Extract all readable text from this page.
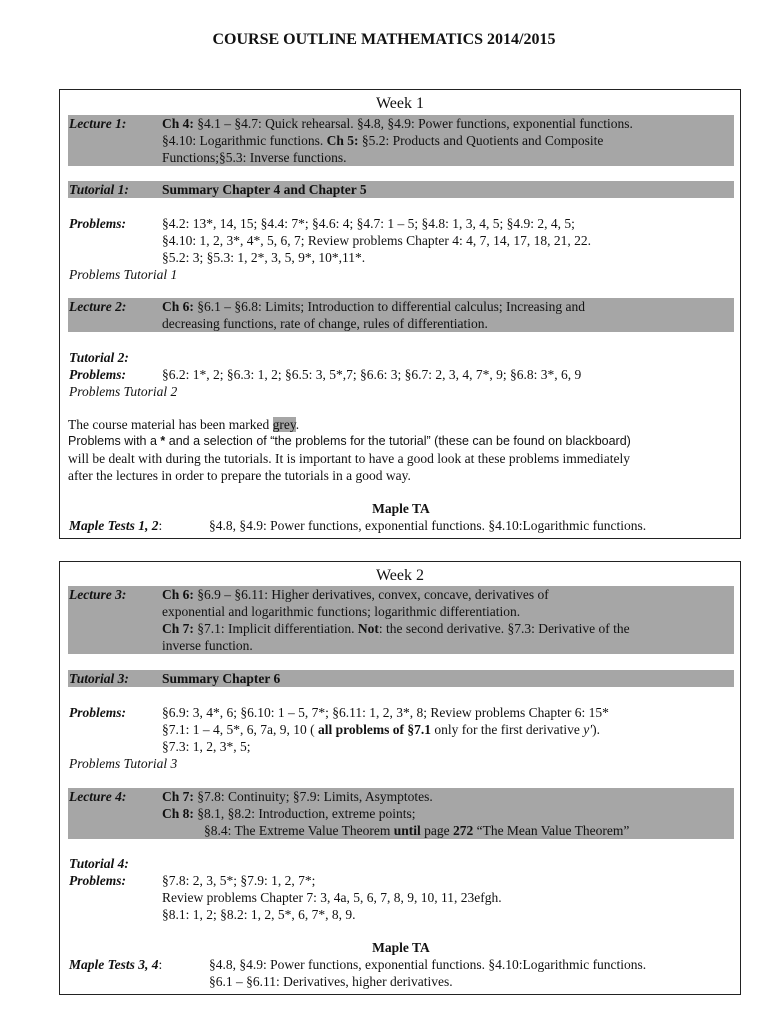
COURSE OUTLINE MATHEMATICS 2014/2015
Week 1
Lecture 1:	Ch 4: §4.1 – §4.7: Quick rehearsal. §4.8, §4.9: Power functions, exponential functions.
§4.10: Logarithmic functions. Ch 5: §5.2: Products and Quotients and Composite
Functions;§5.3: Inverse functions.
Tutorial 1: Summary Chapter 4 and Chapter 5
Problems:	§4.2: 13*, 14, 15; §4.4: 7*; §4.6: 4; §4.7: 1 – 5; §4.8: 1, 3, 4, 5; §4.9: 2, 4, 5;
§4.10: 1, 2, 3*, 4*, 5, 6, 7; Review problems Chapter 4: 4, 7, 14, 17, 18, 21, 22.
§5.2: 3; §5.3: 1, 2*, 3, 5, 9*, 10*,11*.
Problems Tutorial 1
Lecture 2:	Ch 6: §6.1 – §6.8: Limits; Introduction to differential calculus; Increasing and
decreasing functions, rate of change, rules of differentiation.
Tutorial 2:
Problems:	§6.2: 1*, 2; §6.3: 1, 2; §6.5: 3, 5*,7; §6.6: 3; §6.7: 2, 3, 4, 7*, 9; §6.8: 3*, 6, 9
Problems Tutorial 2
The course material has been marked grey.
Problems with a * and a selection of “the problems for the tutorial” (these can be found on blackboard)
will be dealt with during the tutorials. It is important to have a good look at these problems immediately
after the lectures in order to prepare the tutorials in a good way.
Maple TA
Maple Tests 1, 2:	§4.8, §4.9: Power functions, exponential functions. §4.10:Logarithmic functions.
Week 2
Lecture 3:	Ch 6: §6.9 – §6.11: Higher derivatives, convex, concave, derivatives of
exponential and logarithmic functions; logarithmic differentiation.
Ch 7: §7.1: Implicit differentiation. Not: the second derivative. §7.3: Derivative of the
inverse function.
Tutorial 3: Summary Chapter 6
Problems:	§6.9: 3, 4*, 6; §6.10: 1 – 5, 7*; §6.11: 1, 2, 3*, 8; Review problems Chapter 6: 15*
§7.1: 1 – 4, 5*, 6, 7a, 9, 10 ( all problems of §7.1 only for the first derivative y').
§7.3: 1, 2, 3*, 5;
Problems Tutorial 3
Lecture 4:	Ch 7: §7.8: Continuity; §7.9: Limits, Asymptotes.
Ch 8: §8.1, §8.2: Introduction, extreme points;
§8.4: The Extreme Value Theorem until page 272 “The Mean Value Theorem”
Tutorial 4:
Problems:	§7.8: 2, 3, 5*; §7.9: 1, 2, 7*;
Review problems Chapter 7: 3, 4a, 5, 6, 7, 8, 9, 10, 11, 23efgh.
§8.1: 1, 2; §8.2: 1, 2, 5*, 6, 7*, 8, 9.
Maple TA
Maple Tests 3, 4:	§4.8, §4.9: Power functions, exponential functions. §4.10:Logarithmic functions.
§6.1 – §6.11: Derivatives, higher derivatives.
